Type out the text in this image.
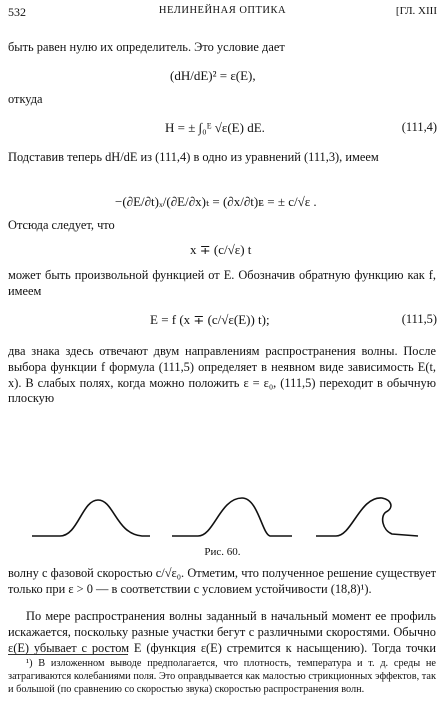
532	НЕЛИНЕЙНАЯ ОПТИКА	[ГЛ. XIII

быть равен нулю их определитель. Это условие дает

(dH/dE)² = ε(E),

откуда

H = ± ∫₀ᴱ √ε(E) dE.	(111,4)

Подставив теперь dH/dE из (111,4) в одно из уравнений (111,3), имеем

−(∂E/∂t)ₓ/(∂E/∂x)ₜ = (∂x/∂t)ᴇ = ± c/√ε .

Отсюда следует, что

x ∓ (c/√ε) t

может быть произвольной функцией от E. Обозначив обратную функцию как f, имеем

E = f (x ∓ (c/√ε(E)) t);	(111,5)

два знака здесь отвечают двум направлениям распространения волны. После выбора функции f формула (111,5) определяет в неявном виде зависимость E(t, x). В слабых полях, когда можно положить ε = ε₀, (111,5) переходит в обычную плоскую

Рис. 60.

волну с фазовой скоростью c/√ε₀. Отметим, что полученное решение существует только при ε > 0 — в соответствии с условием устойчивости (18,8)¹).

По мере распространения волны заданный в начальный момент ее профиль искажается, поскольку разные участки бегут с различными скоростями. Обычно ε(E) убывает с ростом E (функция ε(E) стремится к насыщению). Тогда точки

¹) В изложенном выводе предполагается, что плотность, температура и т. д. среды не затрагиваются колебаниями поля. Это оправдывается как малостью стрикционных эффектов, так и большой (по сравнению со скоростью звука) скоростью распространения волн.
